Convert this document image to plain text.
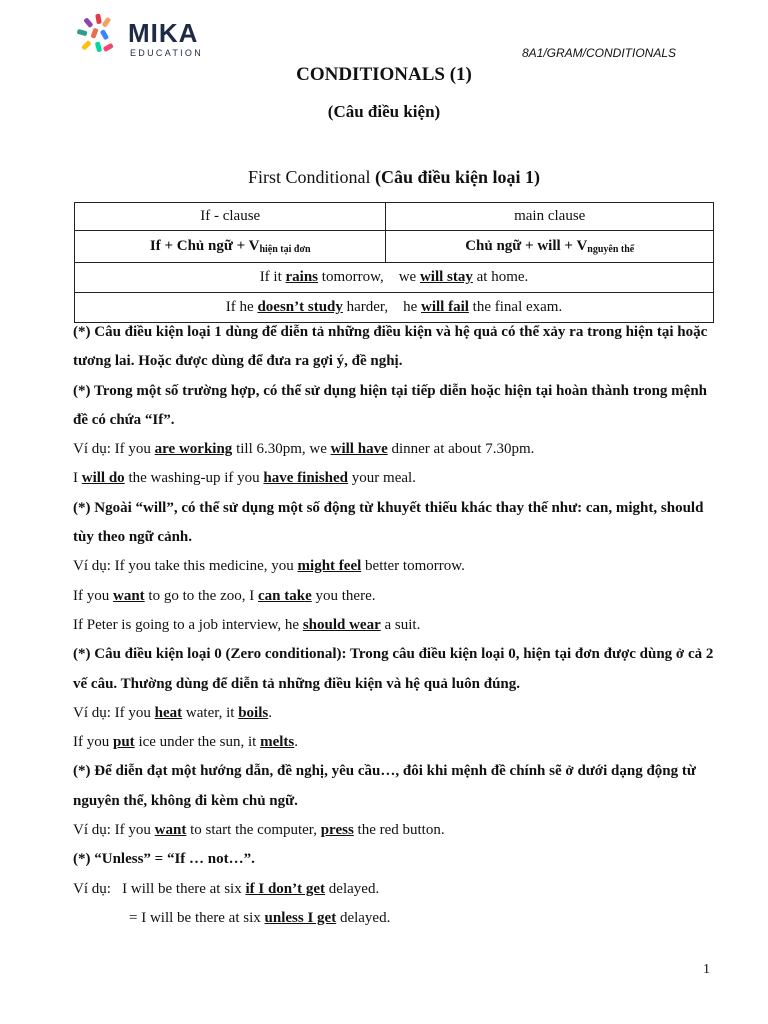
MIKA
EDUCATION	8A1/GRAM/CONDITIONALS
CONDITIONALS (1)
(Câu điều kiện)
First Conditional (Câu điều kiện loại 1)
If - clause	main clause
If + Chủ ngữ + $V_{hiện tại đơn}$	Chủ ngữ + will + $V_{nguyên thể}$
If it rains tomorrow,    we will stay at home.	
If he doesn’t study harder,    he will fail the final exam.	

(*) Câu điều kiện loại 1 dùng để diễn tả những điều kiện và hệ quả có thể xảy ra trong hiện tại hoặc tương lai. Hoặc được dùng để đưa ra gợi ý, đề nghị.

(*) Trong một số trường hợp, có thể sử dụng hiện tại tiếp diễn hoặc hiện tại hoàn thành trong mệnh đề có chứa “If”.

Ví dụ: If you are working till 6.30pm, we will have dinner at about 7.30pm.

I will do the washing-up if you have finished your meal.

(*) Ngoài “will”, có thể sử dụng một số động từ khuyết thiếu khác thay thế như: can, might, should tùy theo ngữ cảnh.

Ví dụ: If you take this medicine, you might feel better tomorrow.

If you want to go to the zoo, I can take you there.

If Peter is going to a job interview, he should wear a suit.

(*) Câu điều kiện loại 0 (Zero conditional): Trong câu điều kiện loại 0, hiện tại đơn được dùng ở cả 2 vế câu. Thường dùng để diễn tả những điều kiện và hệ quả luôn đúng.

Ví dụ: If you heat water, it boils.

If you put ice under the sun, it melts.

(*) Để diễn đạt một hướng dẫn, đề nghị, yêu cầu…, đôi khi mệnh đề chính sẽ ở dưới dạng động từ nguyên thể, không đi kèm chủ ngữ.

Ví dụ: If you want to start the computer, press the red button.

(*) “Unless” = “If … not…”.

Ví dụ:   I will be there at six if I don’t get delayed.

= I will be there at six unless I get delayed.

1
